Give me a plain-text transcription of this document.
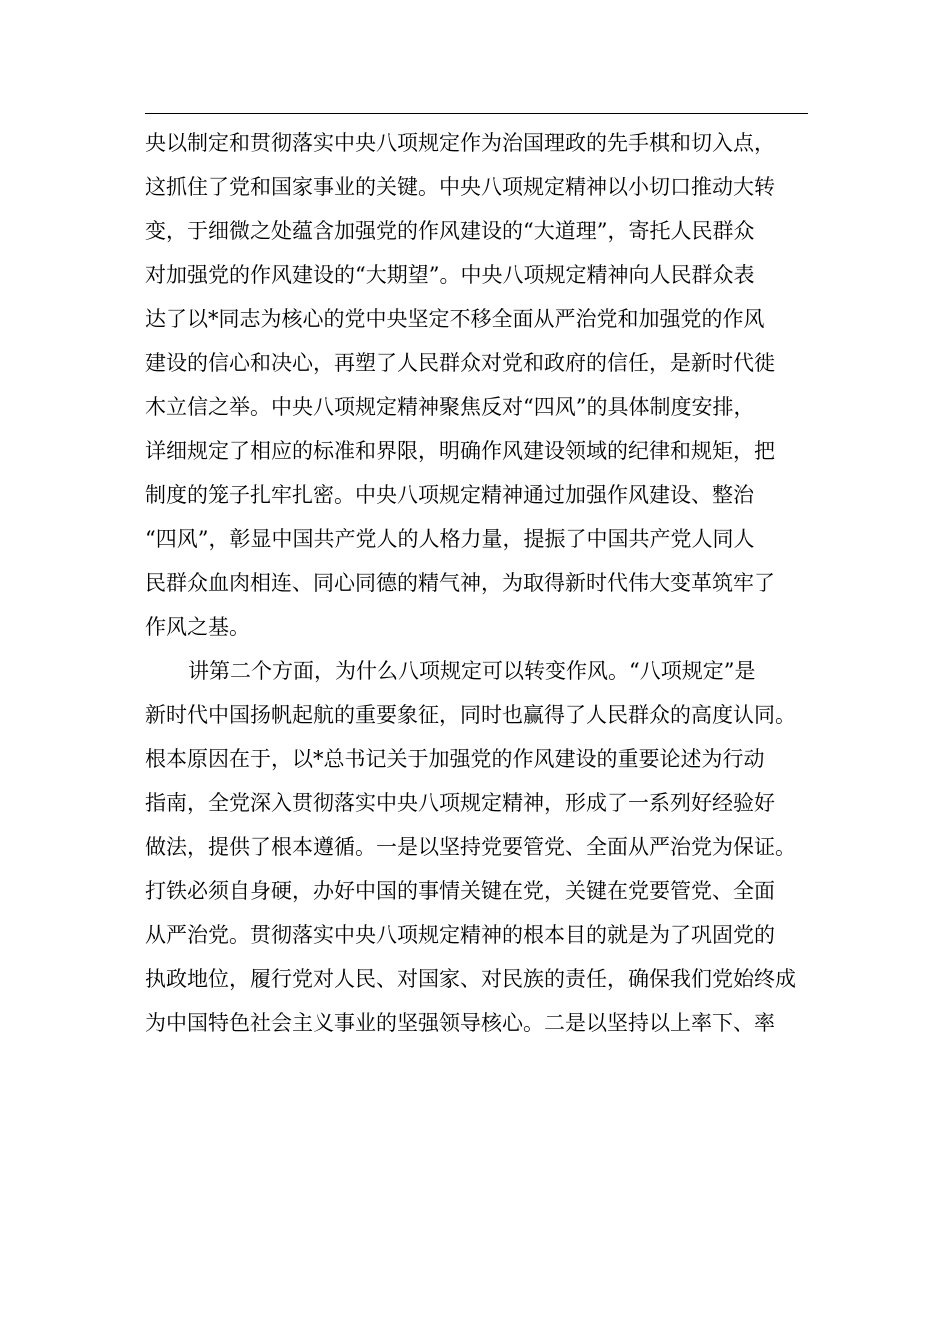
央以制定和贯彻落实中央八项规定作为治国理政的先手棋和切入点，
这抓住了党和国家事业的关键。中央八项规定精神以小切口推动大转
变，于细微之处蕴含加强党的作风建设的“大道理”，寄托人民群众
对加强党的作风建设的“大期望”。中央八项规定精神向人民群众表
达了以*同志为核心的党中央坚定不移全面从严治党和加强党的作风
建设的信心和决心，再塑了人民群众对党和政府的信任，是新时代徙
木立信之举。中央八项规定精神聚焦反对“四风”的具体制度安排，
详细规定了相应的标准和界限，明确作风建设领域的纪律和规矩，把
制度的笼子扎牢扎密。中央八项规定精神通过加强作风建设、整治
“四风”，彰显中国共产党人的人格力量，提振了中国共产党人同人
民群众血肉相连、同心同德的精气神，为取得新时代伟大变革筑牢了
作风之基。
讲第二个方面，为什么八项规定可以转变作风。“八项规定”是
新时代中国扬帆起航的重要象征，同时也赢得了人民群众的高度认同。
根本原因在于，以*总书记关于加强党的作风建设的重要论述为行动
指南，全党深入贯彻落实中央八项规定精神，形成了一系列好经验好
做法，提供了根本遵循。一是以坚持党要管党、全面从严治党为保证。
打铁必须自身硬，办好中国的事情关键在党，关键在党要管党、全面
从严治党。贯彻落实中央八项规定精神的根本目的就是为了巩固党的
执政地位，履行党对人民、对国家、对民族的责任，确保我们党始终成
为中国特色社会主义事业的坚强领导核心。二是以坚持以上率下、率
